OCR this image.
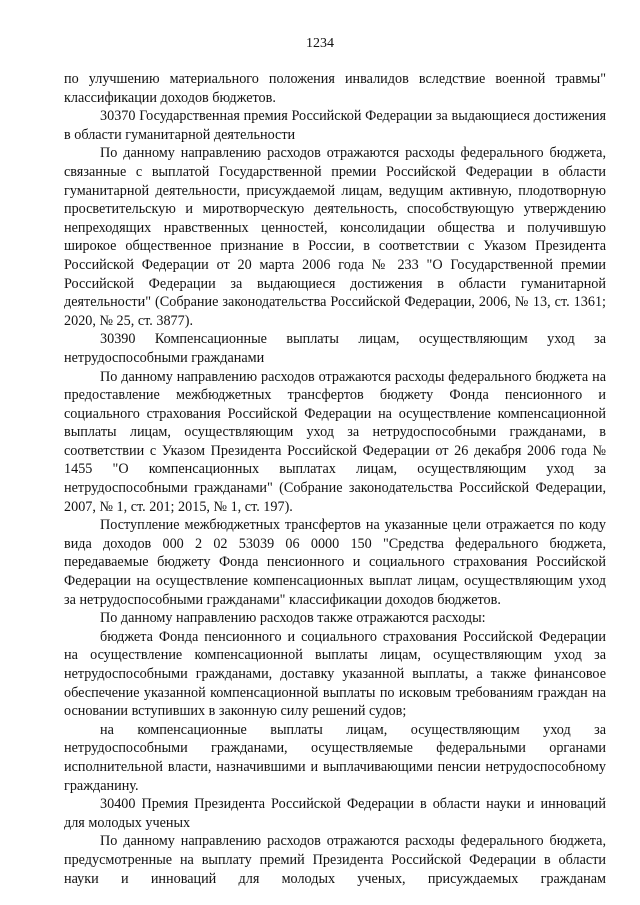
1234

по улучшению материального положения инвалидов вследствие военной травмы" классификации доходов бюджетов.

30370 Государственная премия Российской Федерации за выдающиеся достижения в области гуманитарной деятельности

По данному направлению расходов отражаются расходы федерального бюджета, связанные с выплатой Государственной премии Российской Федерации в области гуманитарной деятельности, присуждаемой лицам, ведущим активную, плодотворную просветительскую и миротворческую деятельность, способствующую утверждению непреходящих нравственных ценностей, консолидации общества и получившую широкое общественное признание в России, в соответствии с Указом Президента Российской Федерации от 20 марта 2006 года № 233 "О Государственной премии Российской Федерации за выдающиеся достижения в области гуманитарной деятельности" (Собрание законодательства Российской Федерации, 2006, № 13, ст. 1361; 2020, № 25, ст. 3877).

30390 Компенсационные выплаты лицам, осуществляющим уход за нетрудоспособными гражданами

По данному направлению расходов отражаются расходы федерального бюджета на предоставление межбюджетных трансфертов бюджету Фонда пенсионного и социального страхования Российской Федерации на осуществление компенсационной выплаты лицам, осуществляющим уход за нетрудоспособными гражданами, в соответствии с Указом Президента Российской Федерации от 26 декабря 2006 года № 1455 "О компенсационных выплатах лицам, осуществляющим уход за нетрудоспособными гражданами" (Собрание законодательства Российской Федерации, 2007, № 1, ст. 201; 2015, № 1, ст. 197).

Поступление межбюджетных трансфертов на указанные цели отражается по коду вида доходов 000 2 02 53039 06 0000 150 "Средства федерального бюджета, передаваемые бюджету Фонда пенсионного и социального страхования Российской Федерации на осуществление компенсационных выплат лицам, осуществляющим уход за нетрудоспособными гражданами" классификации доходов бюджетов.

По данному направлению расходов также отражаются расходы:

бюджета Фонда пенсионного и социального страхования Российской Федерации на осуществление компенсационной выплаты лицам, осуществляющим уход за нетрудоспособными гражданами, доставку указанной выплаты, а также финансовое обеспечение указанной компенсационной выплаты по исковым требованиям граждан на основании вступивших в законную силу решений судов;

на компенсационные выплаты лицам, осуществляющим уход за нетрудоспособными гражданами, осуществляемые федеральными органами исполнительной власти, назначившими и выплачивающими пенсии нетрудоспособному гражданину.

30400 Премия Президента Российской Федерации в области науки и инноваций для молодых ученых

По данному направлению расходов отражаются расходы федерального бюджета, предусмотренные на выплату премий Президента Российской Федерации в области науки и инноваций для молодых ученых, присуждаемых гражданам
